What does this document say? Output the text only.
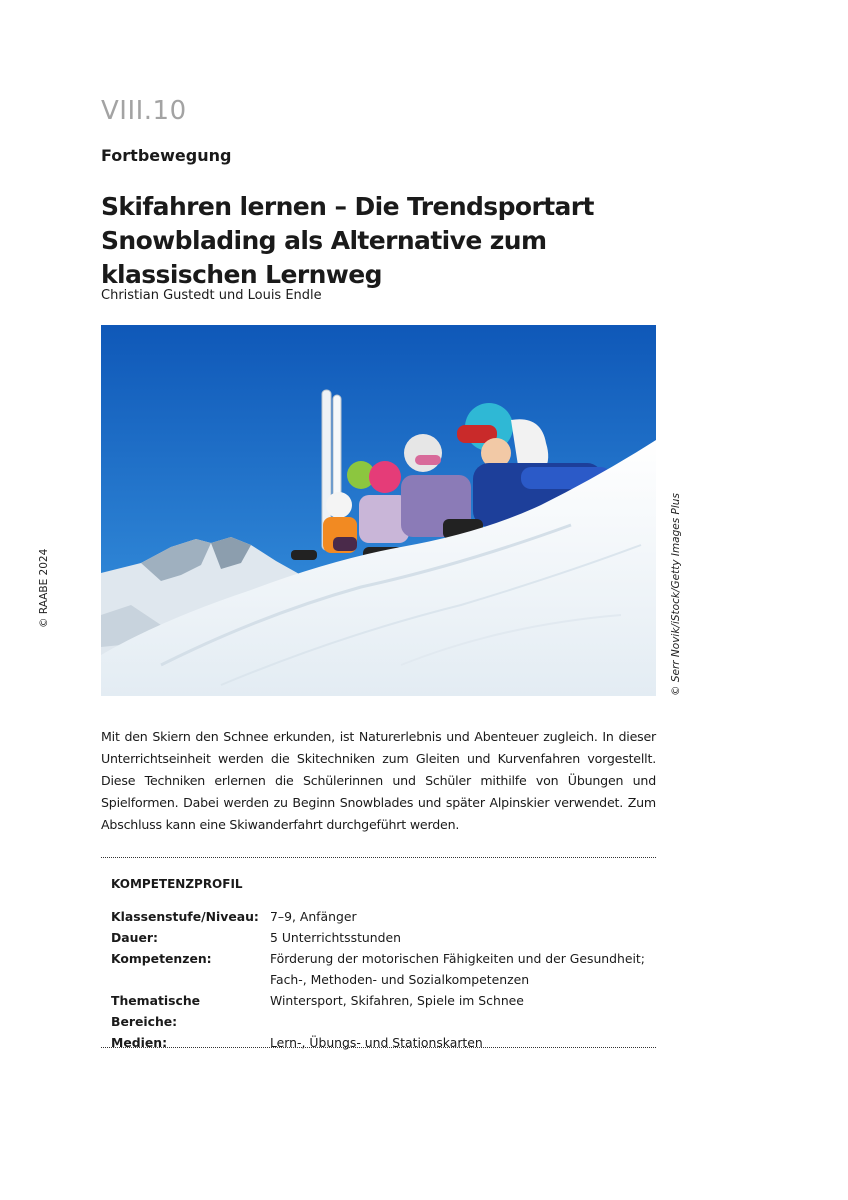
VIII.10
Fortbewegung
Skifahren lernen – Die Trendsportart Snowblading als Alternative zum klassischen Lernweg
Christian Gustedt und Louis Endle
© Serr Novik/iStock/Getty Images Plus
© RAABE 2024
Mit den Skiern den Schnee erkunden, ist Naturerlebnis und Abenteuer zugleich. In dieser Unterrichtseinheit werden die Skitechniken zum Gleiten und Kurvenfahren vorgestellt. Diese Techniken erlernen die Schülerinnen und Schüler mithilfe von Übungen und Spielformen. Dabei werden zu Beginn Snowblades und später Alpinskier verwendet. Zum Abschluss kann eine Skiwanderfahrt durchgeführt werden.
KOMPETENZPROFIL
Klassenstufe/Niveau: 7–9, Anfänger
Dauer:	5 Unterrichtsstunden
Kompetenzen:	Förderung der motorischen Fähigkeiten und der Gesundheit; Fach-, Methoden- und Sozialkompetenzen
Thematische Bereiche:
Wintersport, Skifahren, Spiele im Schnee
Medien:	Lern-, Übungs- und Stationskarten
